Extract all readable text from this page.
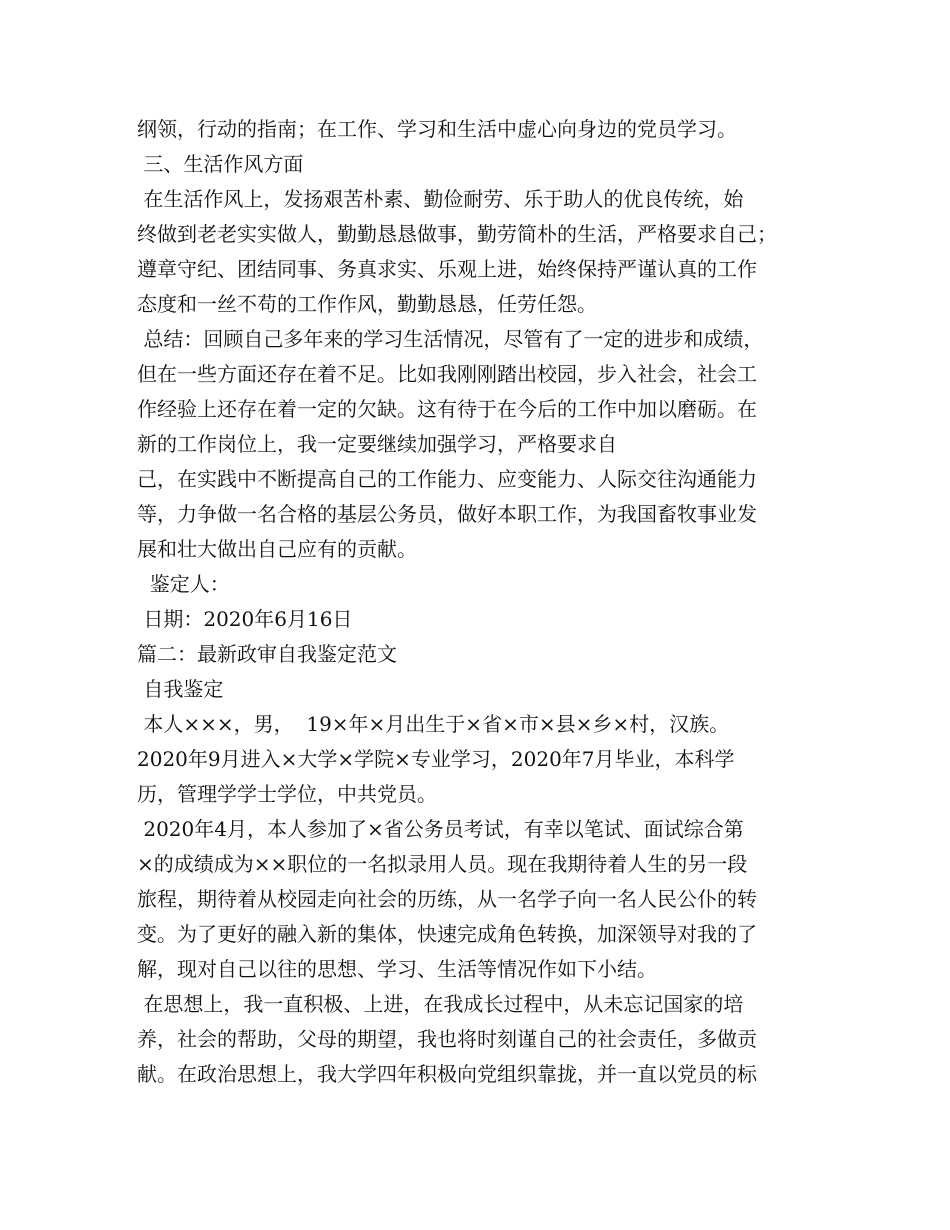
纲领，行动的指南；在工作、学习和生活中虚心向身边的党员学习。
三、生活作风方面
在生活作风上，发扬艰苦朴素、勤俭耐劳、乐于助人的优良传统，始
终做到老老实实做人，勤勤恳恳做事，勤劳简朴的生活，严格要求自己；
遵章守纪、团结同事、务真求实、乐观上进，始终保持严谨认真的工作
态度和一丝不苟的工作作风，勤勤恳恳，任劳任怨。
总结：回顾自己多年来的学习生活情况，尽管有了一定的进步和成绩，
但在一些方面还存在着不足。比如我刚刚踏出校园，步入社会，社会工
作经验上还存在着一定的欠缺。这有待于在今后的工作中加以磨砺。在
新的工作岗位上，我一定要继续加强学习，严格要求自
己，在实践中不断提高自己的工作能力、应变能力、人际交往沟通能力
等，力争做一名合格的基层公务员，做好本职工作，为我国畜牧事业发
展和壮大做出自己应有的贡献。
鉴定人：
日期：2020年6月16日
篇二：最新政审自我鉴定范文
自我鉴定
本人×××，男，  19×年×月出生于×省×市×县×乡×村，汉族。
2020年9月进入×大学×学院×专业学习，2020年7月毕业，本科学
历，管理学学士学位，中共党员。
2020年4月，本人参加了×省公务员考试，有幸以笔试、面试综合第
×的成绩成为××职位的一名拟录用人员。现在我期待着人生的另一段
旅程，期待着从校园走向社会的历练，从一名学子向一名人民公仆的转
变。为了更好的融入新的集体，快速完成角色转换，加深领导对我的了
解，现对自己以往的思想、学习、生活等情况作如下小结。
在思想上，我一直积极、上进，在我成长过程中，从未忘记国家的培
养，社会的帮助，父母的期望，我也将时刻谨自己的社会责任，多做贡
献。在政治思想上，我大学四年积极向党组织靠拢，并一直以党员的标
